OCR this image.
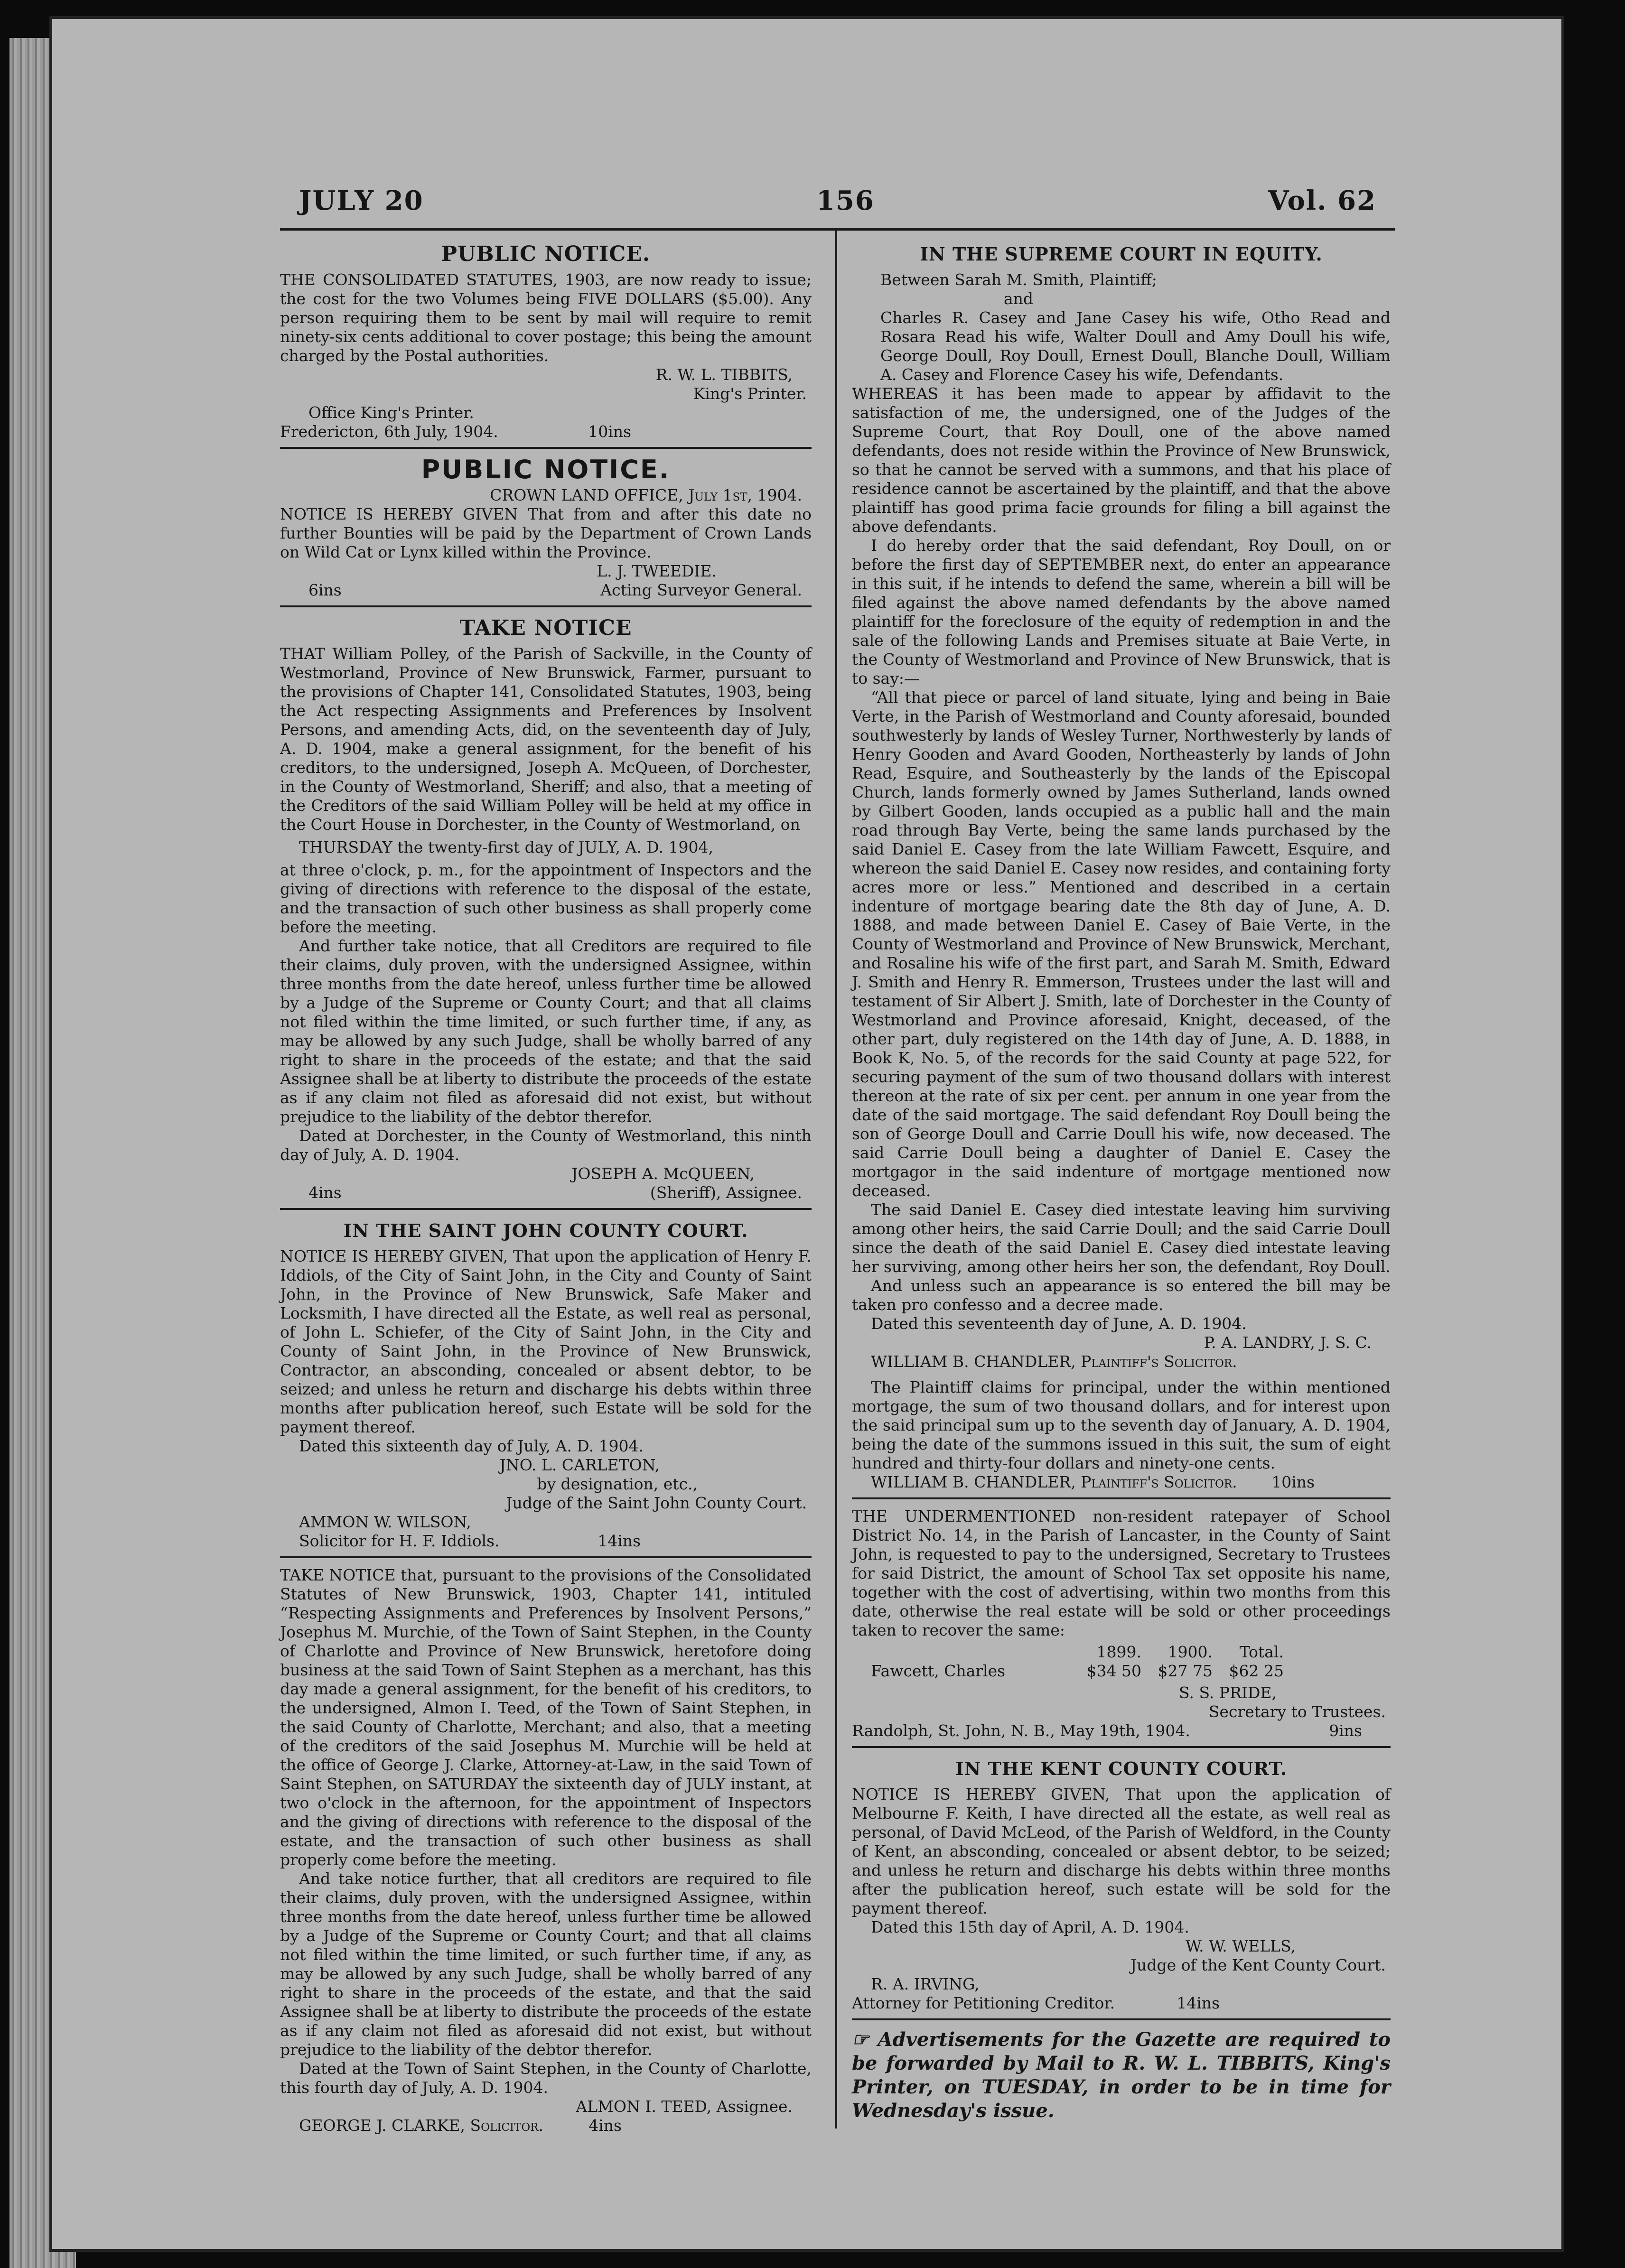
JULY 20	156	Vol. 62
PUBLIC NOTICE.

THE CONSOLIDATED STATUTES, 1903, are now ready to issue; the cost for the two Volumes being FIVE DOLLARS ($5.00). Any person requiring them to be sent by mail will require to remit ninety-six cents additional to cover postage; this being the amount charged by the Postal authorities.

R. W. L. TIBBITS,
King's Printer.
Office King's Printer.
Fredericton, 6th July, 1904.	10ins
PUBLIC NOTICE.
CROWN LAND OFFICE, July 1st, 1904.

NOTICE IS HEREBY GIVEN That from and after this date no further Bounties will be paid by the Department of Crown Lands on Wild Cat or Lynx killed within the Province.

L. J. TWEEDIE.
6ins	Acting Surveyor General.
TAKE NOTICE

THAT William Polley, of the Parish of Sackville, in the County of Westmorland, Province of New Brunswick, Farmer, pursuant to the provisions of Chapter 141, Consolidated Statutes, 1903, being the Act respecting Assignments and Preferences by Insolvent Persons, and amending Acts, did, on the seventeenth day of July, A. D. 1904, make a general assignment, for the benefit of his creditors, to the undersigned, Joseph A. McQueen, of Dorchester, in the County of Westmorland, Sheriff; and also, that a meeting of the Creditors of the said William Polley will be held at my office in the Court House in Dorchester, in the County of Westmorland, on

THURSDAY the twenty-first day of JULY, A. D. 1904,

at three o'clock, p. m., for the appointment of Inspectors and the giving of directions with reference to the disposal of the estate, and the transaction of such other business as shall properly come before the meeting.

And further take notice, that all Creditors are required to file their claims, duly proven, with the undersigned Assignee, within three months from the date hereof, unless further time be allowed by a Judge of the Supreme or County Court; and that all claims not filed within the time limited, or such further time, if any, as may be allowed by any such Judge, shall be wholly barred of any right to share in the proceeds of the estate; and that the said Assignee shall be at liberty to distribute the proceeds of the estate as if any claim not filed as aforesaid did not exist, but without prejudice to the liability of the debtor therefor.

Dated at Dorchester, in the County of Westmorland, this ninth day of July, A. D. 1904.

JOSEPH A. McQUEEN,
4ins	(Sheriff), Assignee.
IN THE SAINT JOHN COUNTY COURT.

NOTICE IS HEREBY GIVEN, That upon the application of Henry F. Iddiols, of the City of Saint John, in the City and County of Saint John, in the Province of New Brunswick, Safe Maker and Locksmith, I have directed all the Estate, as well real as personal, of John L. Schiefer, of the City of Saint John, in the City and County of Saint John, in the Province of New Brunswick, Contractor, an absconding, concealed or absent debtor, to be seized; and unless he return and discharge his debts within three months after publication hereof, such Estate will be sold for the payment thereof.

Dated this sixteenth day of July, A. D. 1904.

JNO. L. CARLETON,
by designation, etc.,
Judge of the Saint John County Court.
AMMON W. WILSON,
Solicitor for H. F. Iddiols.	14ins

TAKE NOTICE that, pursuant to the provisions of the Consolidated Statutes of New Brunswick, 1903, Chapter 141, intituled “Respecting Assignments and Preferences by Insolvent Persons,” Josephus M. Murchie, of the Town of Saint Stephen, in the County of Charlotte and Province of New Brunswick, heretofore doing business at the said Town of Saint Stephen as a merchant, has this day made a general assignment, for the benefit of his creditors, to the undersigned, Almon I. Teed, of the Town of Saint Stephen, in the said County of Charlotte, Merchant; and also, that a meeting of the creditors of the said Josephus M. Murchie will be held at the office of George J. Clarke, Attorney-at-Law, in the said Town of Saint Stephen, on SATURDAY the sixteenth day of JULY instant, at two o'clock in the afternoon, for the appointment of Inspectors and the giving of directions with reference to the disposal of the estate, and the transaction of such other business as shall properly come before the meeting.

And take notice further, that all creditors are required to file their claims, duly proven, with the undersigned Assignee, within three months from the date hereof, unless further time be allowed by a Judge of the Supreme or County Court; and that all claims not filed within the time limited, or such further time, if any, as may be allowed by any such Judge, shall be wholly barred of any right to share in the proceeds of the estate, and that the said Assignee shall be at liberty to distribute the proceeds of the estate as if any claim not filed as aforesaid did not exist, but without prejudice to the liability of the debtor therefor.

Dated at the Town of Saint Stephen, in the County of Charlotte, this fourth day of July, A. D. 1904.

ALMON I. TEED, Assignee.
GEORGE J. CLARKE, Solicitor.	4ins
IN THE SUPREME COURT IN EQUITY.
Between Sarah M. Smith, Plaintiff;
and

Charles R. Casey and Jane Casey his wife, Otho Read and Rosara Read his wife, Walter Doull and Amy Doull his wife, George Doull, Roy Doull, Ernest Doull, Blanche Doull, William A. Casey and Florence Casey his wife, Defendants.

WHEREAS it has been made to appear by affidavit to the satisfaction of me, the undersigned, one of the Judges of the Supreme Court, that Roy Doull, one of the above named defendants, does not reside within the Province of New Brunswick, so that he cannot be served with a summons, and that his place of residence cannot be ascertained by the plaintiff, and that the above plaintiff has good prima facie grounds for filing a bill against the above defendants.

I do hereby order that the said defendant, Roy Doull, on or before the first day of SEPTEMBER next, do enter an appearance in this suit, if he intends to defend the same, wherein a bill will be filed against the above named defendants by the above named plaintiff for the foreclosure of the equity of redemption in and the sale of the following Lands and Premises situate at Baie Verte, in the County of Westmorland and Province of New Brunswick, that is to say:—

“All that piece or parcel of land situate, lying and being in Baie Verte, in the Parish of Westmorland and County aforesaid, bounded southwesterly by lands of Wesley Turner, Northwesterly by lands of Henry Gooden and Avard Gooden, Northeasterly by lands of John Read, Esquire, and Southeasterly by the lands of the Episcopal Church, lands formerly owned by James Sutherland, lands owned by Gilbert Gooden, lands occupied as a public hall and the main road through Bay Verte, being the same lands purchased by the said Daniel E. Casey from the late William Fawcett, Esquire, and whereon the said Daniel E. Casey now resides, and containing forty acres more or less.” Mentioned and described in a certain indenture of mortgage bearing date the 8th day of June, A. D. 1888, and made between Daniel E. Casey of Baie Verte, in the County of Westmorland and Province of New Brunswick, Merchant, and Rosaline his wife of the first part, and Sarah M. Smith, Edward J. Smith and Henry R. Emmerson, Trustees under the last will and testament of Sir Albert J. Smith, late of Dorchester in the County of Westmorland and Province aforesaid, Knight, deceased, of the other part, duly registered on the 14th day of June, A. D. 1888, in Book K, No. 5, of the records for the said County at page 522, for securing payment of the sum of two thousand dollars with interest thereon at the rate of six per cent. per annum in one year from the date of the said mortgage. The said defendant Roy Doull being the son of George Doull and Carrie Doull his wife, now deceased. The said Carrie Doull being a daughter of Daniel E. Casey the mortgagor in the said indenture of mortgage mentioned now deceased.

The said Daniel E. Casey died intestate leaving him surviving among other heirs, the said Carrie Doull; and the said Carrie Doull since the death of the said Daniel E. Casey died intestate leaving her surviving, among other heirs her son, the defendant, Roy Doull.

And unless such an appearance is so entered the bill may be taken pro confesso and a decree made.

Dated this seventeenth day of June, A. D. 1904.

P. A. LANDRY, J. S. C.
WILLIAM B. CHANDLER, Plaintiff's Solicitor.

The Plaintiff claims for principal, under the within mentioned mortgage, the sum of two thousand dollars, and for interest upon the said principal sum up to the seventh day of January, A. D. 1904, being the date of the summons issued in this suit, the sum of eight hundred and thirty-four dollars and ninety-one cents.

WILLIAM B. CHANDLER, Plaintiff's Solicitor. 10ins

THE UNDERMENTIONED non-resident ratepayer of School District No. 14, in the Parish of Lancaster, in the County of Saint John, is requested to pay to the undersigned, Secretary to Trustees for said District, the amount of School Tax set opposite his name, together with the cost of advertising, within two months from this date, otherwise the real estate will be sold or other proceedings taken to recover the same:

1899.	1900.	Total.
Fawcett, Charles	$34 50	$27 75	$62 25
S. S. PRIDE,
Secretary to Trustees.
Randolph, St. John, N. B., May 19th, 1904.	9ins
IN THE KENT COUNTY COURT.

NOTICE IS HEREBY GIVEN, That upon the application of Melbourne F. Keith, I have directed all the estate, as well real as personal, of David McLeod, of the Parish of Weldford, in the County of Kent, an absconding, concealed or absent debtor, to be seized; and unless he return and discharge his debts within three months after the publication hereof, such estate will be sold for the payment thereof.

Dated this 15th day of April, A. D. 1904.

W. W. WELLS,
Judge of the Kent County Court.
R. A. IRVING,
Attorney for Petitioning Creditor.	14ins

☞ Advertisements for the Gazette are required to be forwarded by Mail to R. W. L. TIBBITS, King's Printer, on TUESDAY, in order to be in time for Wednesday's issue.
